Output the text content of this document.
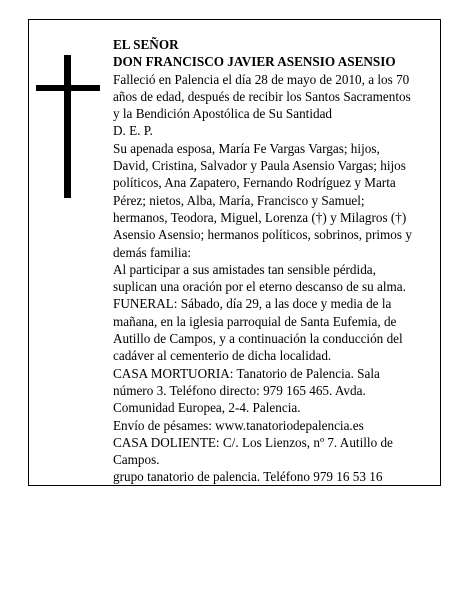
EL SEÑOR

DON FRANCISCO JAVIER ASENSIO ASENSIO

Falleció en Palencia el día 28 de mayo de 2010, a los 70 años de edad, después de recibir los Santos Sacramentos y la Bendición Apostólica de Su Santidad

D. E. P.

Su apenada esposa, María Fe Vargas Vargas; hijos, David, Cristina, Salvador y Paula Asensio Vargas; hijos políticos, Ana Zapatero, Fernando Rodríguez y Marta Pérez; nietos, Alba, María, Francisco y Samuel; hermanos, Teodora, Miguel, Lorenza (†) y Milagros (†) Asensio Asensio; hermanos políticos, sobrinos, primos y demás familia:

Al participar a sus amistades tan sensible pérdida, suplican una oración por el eterno descanso de su alma.

FUNERAL: Sábado, día 29, a las doce y media de la mañana, en la iglesia parroquial de Santa Eufemia, de Autillo de Campos, y a continuación la conducción del cadáver al cementerio de dicha localidad.

CASA MORTUORIA: Tanatorio de Palencia. Sala número 3. Teléfono directo: 979 165 465. Avda. Comunidad Europea, 2-4. Palencia.

Envío de pésames: www.tanatoriodepalencia.es

CASA DOLIENTE: C/. Los Lienzos, nº 7. Autillo de Campos.

grupo tanatorio de palencia. Teléfono 979 16 53 16
